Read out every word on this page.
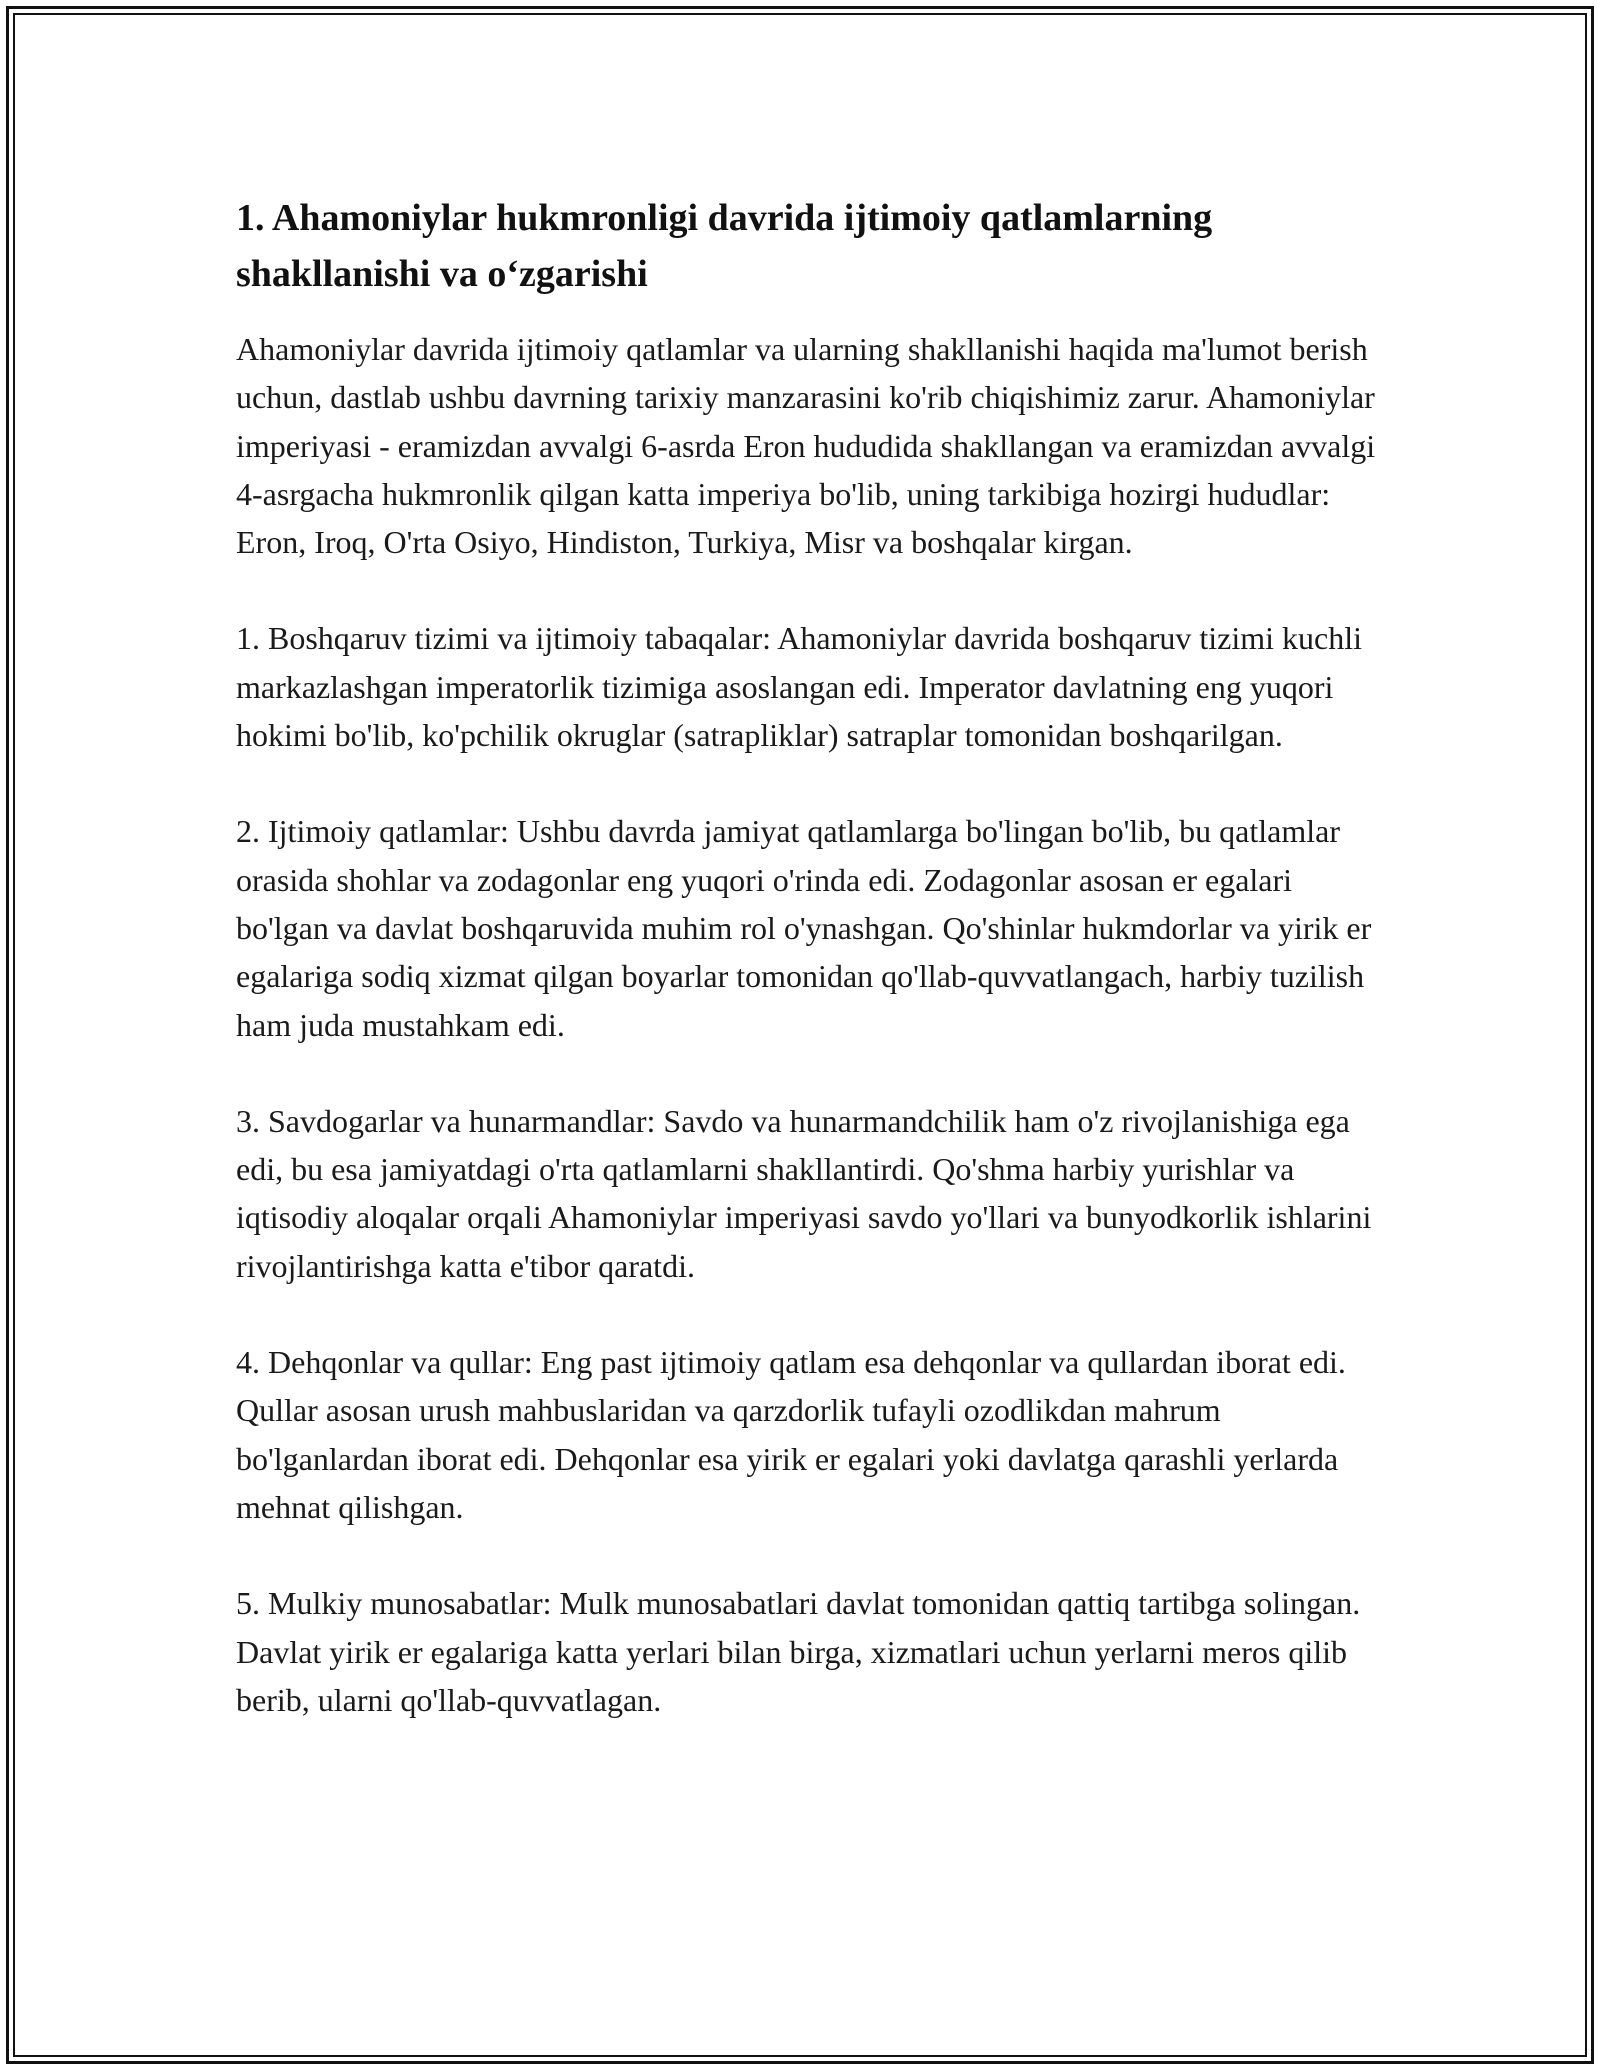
1. Ahamoniylar hukmronligi davrida ijtimoiy qatlamlarning shakllanishi va o‘zgarishi

Ahamoniylar davrida ijtimoiy qatlamlar va ularning shakllanishi haqida ma'lumot berish uchun, dastlab ushbu davrning tarixiy manzarasini ko'rib chiqishimiz zarur. Ahamoniylar imperiyasi - eramizdan avvalgi 6-asrda Eron hududida shakllangan va eramizdan avvalgi 4-asrgacha hukmronlik qilgan katta imperiya bo'lib, uning tarkibiga hozirgi hududlar: Eron, Iroq, O'rta Osiyo, Hindiston, Turkiya, Misr va boshqalar kirgan.

1. Boshqaruv tizimi va ijtimoiy tabaqalar: Ahamoniylar davrida boshqaruv tizimi kuchli markazlashgan imperatorlik tizimiga asoslangan edi. Imperator davlatning eng yuqori hokimi bo'lib, ko'pchilik okruglar (satrapliklar) satraplar tomonidan boshqarilgan.

2. Ijtimoiy qatlamlar: Ushbu davrda jamiyat qatlamlarga bo'lingan bo'lib, bu qatlamlar orasida shohlar va zodagonlar eng yuqori o'rinda edi. Zodagonlar asosan er egalari bo'lgan va davlat boshqaruvida muhim rol o'ynashgan. Qo'shinlar hukmdorlar va yirik er egalariga sodiq xizmat qilgan boyarlar tomonidan qo'llab-quvvatlangach, harbiy tuzilish ham juda mustahkam edi.

3. Savdogarlar va hunarmandlar: Savdo va hunarmandchilik ham o'z rivojlanishiga ega edi, bu esa jamiyatdagi o'rta qatlamlarni shakllantirdi. Qo'shma harbiy yurishlar va iqtisodiy aloqalar orqali Ahamoniylar imperiyasi savdo yo'llari va bunyodkorlik ishlarini rivojlantirishga katta e'tibor qaratdi.

4. Dehqonlar va qullar: Eng past ijtimoiy qatlam esa dehqonlar va qullardan iborat edi. Qullar asosan urush mahbuslaridan va qarzdorlik tufayli ozodlikdan mahrum bo'lganlardan iborat edi. Dehqonlar esa yirik er egalari yoki davlatga qarashli yerlarda mehnat qilishgan.

5. Mulkiy munosabatlar: Mulk munosabatlari davlat tomonidan qattiq tartibga solingan. Davlat yirik er egalariga katta yerlari bilan birga, xizmatlari uchun yerlarni meros qilib berib, ularni qo'llab-quvvatlagan.
